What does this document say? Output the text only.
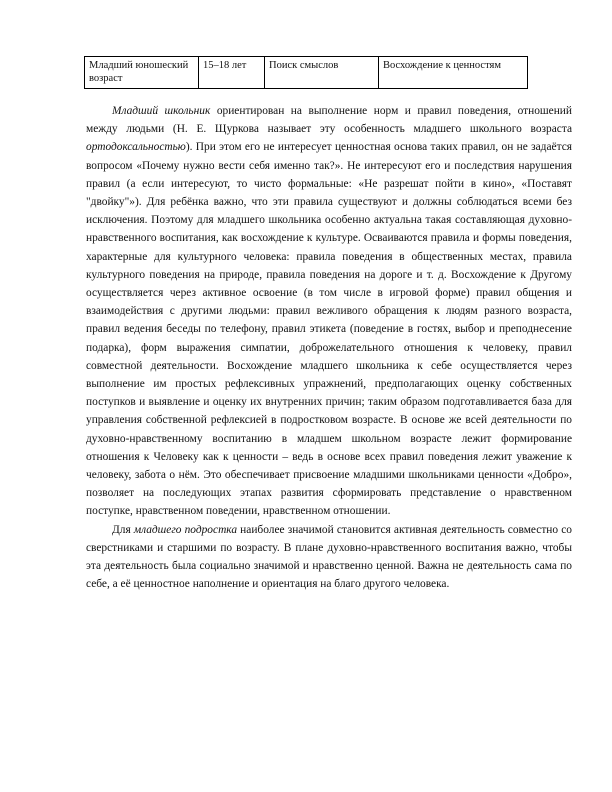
Младший юношеский возраст	15–18 лет	Поиск смыслов	Восхождение к ценностям

Младший школьник ориентирован на выполнение норм и правил поведения, отношений между людьми (Н. Е. Щуркова называет эту особенность младшего школьного возраста ортодоксальностью). При этом его не интересует ценностная основа таких правил, он не задаётся вопросом «Почему нужно вести себя именно так?». Не интересуют его и последствия нарушения правил (а если интересуют, то чисто формальные: «Не разрешат пойти в кино», «Поставят "двойку"»). Для ребёнка важно, что эти правила существуют и должны соблюдаться всеми без исключения. Поэтому для младшего школьника особенно актуальна такая составляющая духовно-нравственного воспитания, как восхождение к культуре. Осваиваются правила и формы поведения, характерные для культурного человека: правила поведения в общественных местах, правила культурного поведения на природе, правила поведения на дороге и т. д. Восхождение к Другому осуществляется через активное освоение (в том числе в игровой форме) правил общения и взаимодействия с другими людьми: правил вежливого обращения к людям разного возраста, правил ведения беседы по телефону, правил этикета (поведение в гостях, выбор и преподнесение подарка), форм выражения симпатии, доброжелательного отношения к человеку, правил совместной деятельности. Восхождение младшего школьника к себе осуществляется через выполнение им простых рефлексивных упражнений, предполагающих оценку собственных поступков и выявление и оценку их внутренних причин; таким образом подготавливается база для управления собственной рефлексией в подростковом возрасте. В основе же всей деятельности по духовно-нравственному воспитанию в младшем школьном возрасте лежит формирование отношения к Человеку как к ценности – ведь в основе всех правил поведения лежит уважение к человеку, забота о нём. Это обеспечивает присвоение младшими школьниками ценности «Добро», позволяет на последующих этапах развития сформировать представление о нравственном поступке, нравственном поведении, нравственном отношении.

Для младшего подростка наиболее значимой становится активная деятельность совместно со сверстниками и старшими по возрасту. В плане духовно-нравственного воспитания важно, чтобы эта деятельность была социально значимой и нравственно ценной. Важна не деятельность сама по себе, а её ценностное наполнение и ориентация на благо другого человека.
